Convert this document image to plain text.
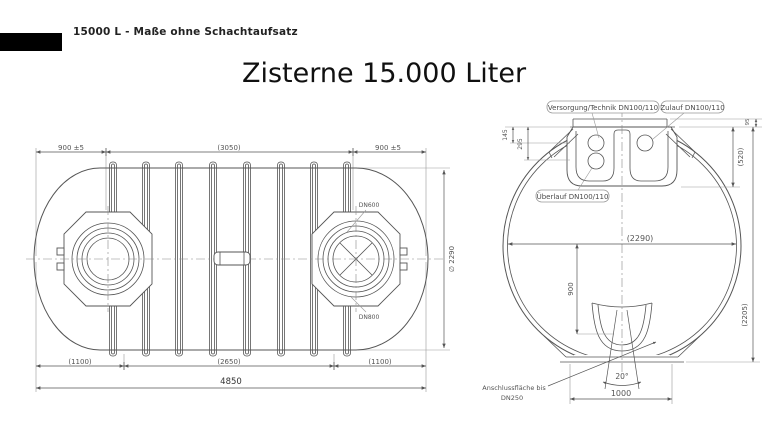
15000 L - Maße ohne Schachtaufsatz
Zisterne 15.000 Liter
900 ±5	(3050)	900 ±5
(1100)	(2650)	(1100)
4850
∅ 2290
DN600
DN800
Versorgung/Technik DN100/110 Zulauf DN100/110
Überlauf DN100/110
(2290)
900
(2205)
(520)
95
145
295
20°
1000
Anschlussfläche bis
DN250
